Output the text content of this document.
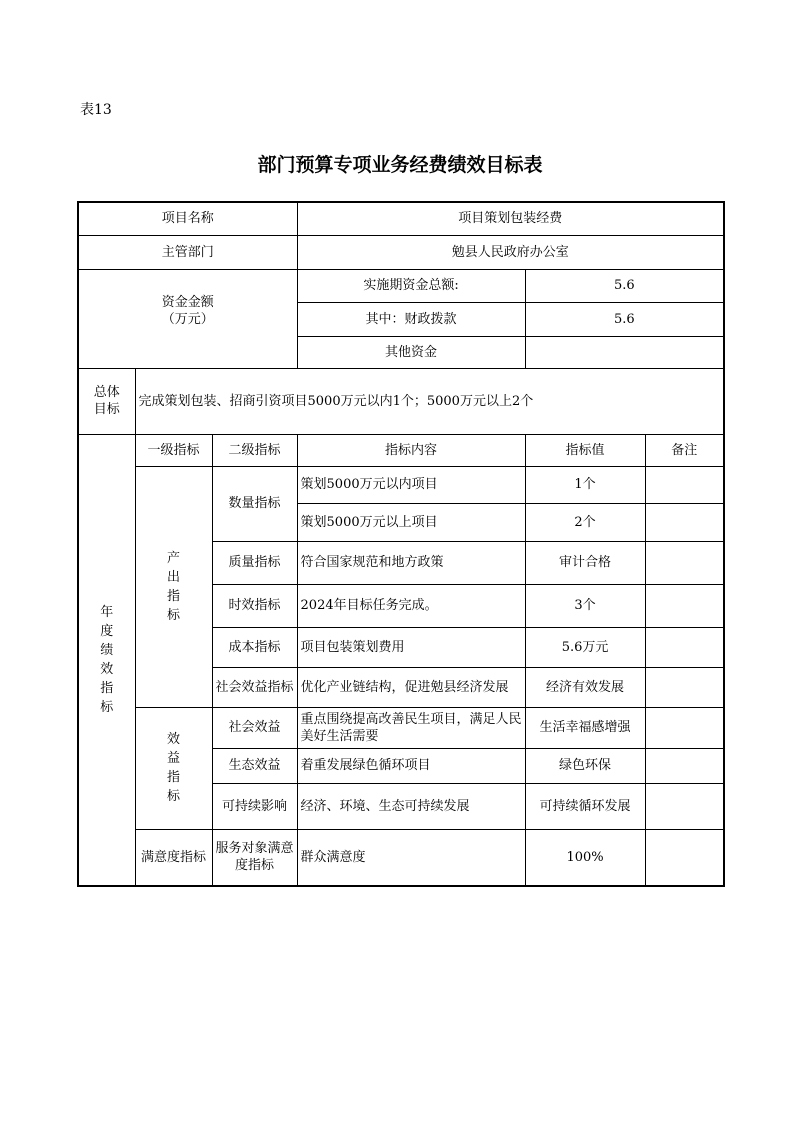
表13
部门预算专项业务经费绩效目标表
项目名称			项目策划包装经费		
主管部门			勉县人民政府办公室		

资金金额
（万元）			实施期资金总额:	5.6	
			其中：财政拨款	5.6	
			其他资金		

总体
目标	完成策划包装、招商引资项目5000万元以内1个；5000万元以上2个				

年度绩效指标	一级指标	二级指标	指标内容	指标值	备注

	产出指标	数量指标	策划5000万元以内项目	1个	
			策划5000万元以上项目	2个	
		质量指标	符合国家规范和地方政策	审计合格	
		时效指标	2024年目标任务完成。	3个	
		成本指标	项目包装策划费用	5.6万元	
		社会效益指标	优化产业链结构，促进勉县经济发展	经济有效发展	

	效益指标	社会效益	重点围绕提高改善民生项目，满足人民美好生活需要	生活幸福感增强	
		生态效益	着重发展绿色循环项目	绿色环保	
		可持续影响	经济、环境、生态可持续发展	可持续循环发展	
	满意度指标	服务对象满意度指标	群众满意度	100%	
